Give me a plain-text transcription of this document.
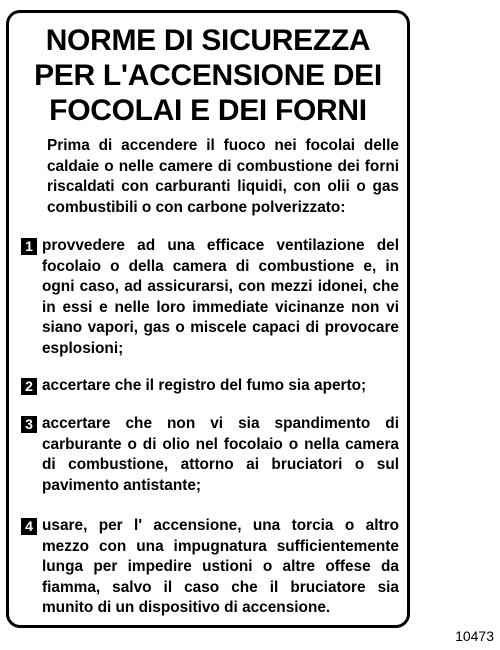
NORME DI SICUREZZA
PER L'ACCENSIONE DEI
FOCOLAI E DEI FORNI
Prima di accendere il fuoco nei focolai delle caldaie o nelle camere di combustione dei forni riscaldati con carburanti liquidi, con olii o gas combustibili o con carbone polverizzato:
1 provvedere ad una efficace ventilazione del focolaio o della camera di combustione e, in ogni caso, ad assicurarsi, con mezzi idonei, che in essi e nelle loro immediate vicinanze non vi siano vapori, gas o miscele capaci di provocare esplosioni;
2 accertare che il registro del fumo sia aperto;
3 accertare che non vi sia spandimento di carburante o di olio nel focolaio o nella camera di combustione, attorno ai bruciatori o sul pavimento antistante;
4 usare, per l' accensione, una torcia o altro mezzo con una impugnatura sufficientemente lunga per impedire ustioni o altre offese da fiamma, salvo il caso che il bruciatore sia munito di un dispositivo di accensione.
10473
